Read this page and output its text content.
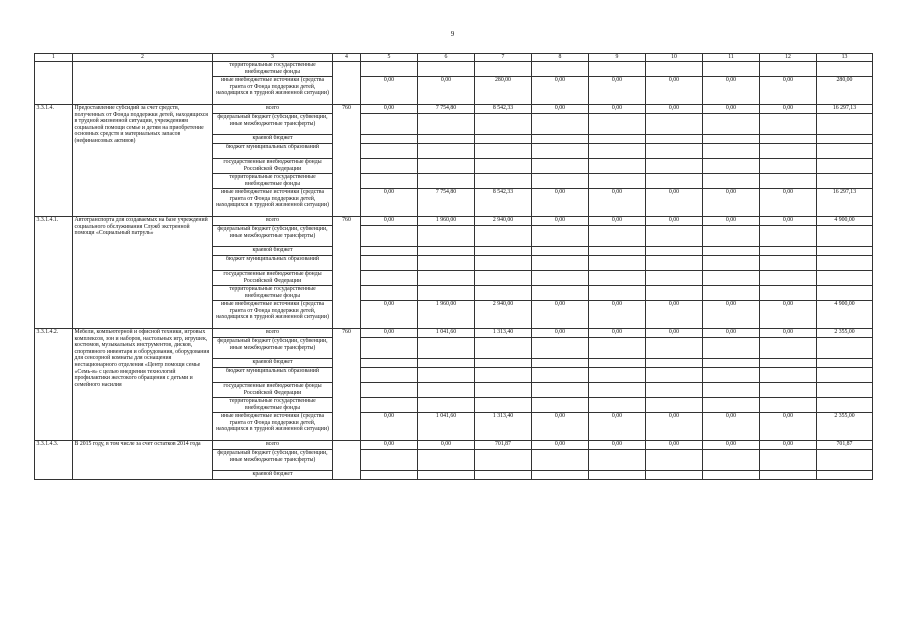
9
1	2	3	4	5	6	7	8	9	10	11	12	13
		территориальные государственные внебюджетные фонды										
		иные внебюджетные источники (средства гранта от Фонда поддержки детей, находящихся в трудной жизненной ситуации)		0,00	0,00	280,00	0,00	0,00	0,00	0,00	0,00	280,00
3.3.1.4.	Предоставление субсидий за счет средств, полученных от Фонда поддержки детей, находящихся в трудной жизненной ситуации, учреждениям социальной помощи семье и детям на приобретение основных средств и материальных запасов (нефинансовых активов)	всего	760	0,00	7 754,80	8 542,33	0,00	0,00	0,00	0,00	0,00	16 297,13
		федеральный бюджет (субсидии, субвенции, иные межбюджетные трансферты)										
		краевой бюджет										
		бюджет муниципальных образований										
		государственные внебюджетные фонды Российской Федерации										
		территориальные государственные внебюджетные фонды										
		иные внебюджетные источники (средства гранта от Фонда поддержки детей, находящихся в трудной жизненной ситуации)		0,00	7 754,80	8 542,33	0,00	0,00	0,00	0,00	0,00	16 297,13
3.3.1.4.1.	Автотранспорта для создаваемых на базе учреждений социального обслуживания Служб экстренной помощи «Социальный патруль»	всего	760	0,00	1 960,00	2 940,00	0,00	0,00	0,00	0,00	0,00	4 900,00
		федеральный бюджет (субсидии, субвенции, иные межбюджетные трансферты)										
		краевой бюджет										
		бюджет муниципальных образований										
		государственные внебюджетные фонды Российской Федерации										
		территориальные государственные внебюджетные фонды										
		иные внебюджетные источники (средства гранта от Фонда поддержки детей, находящихся в трудной жизненной ситуации)		0,00	1 960,00	2 940,00	0,00	0,00	0,00	0,00	0,00	4 900,00
3.3.1.4.2.	Мебели, компьютерной и офисной техники, игровых комплексов, зон и наборов, настольных игр, игрушек, костюмов, музыкальных инструментов, дисков, спортивного инвентаря и оборудования, оборудования для сенсорной комнаты для оснащения нестационарного отделения «Центр помощи семье «Семь-я» с целью внедрения технологий профилактики жестокого обращения с детьми и семейного насилия	всего	760	0,00	1 041,60	1 313,40	0,00	0,00	0,00	0,00	0,00	2 355,00
		федеральный бюджет (субсидии, субвенции, иные межбюджетные трансферты)										
		краевой бюджет										
		бюджет муниципальных образований										
		государственные внебюджетные фонды Российской Федерации										
		территориальные государственные внебюджетные фонды										
		иные внебюджетные источники (средства гранта от Фонда поддержки детей, находящихся в трудной жизненной ситуации)		0,00	1 041,60	1 313,40	0,00	0,00	0,00	0,00	0,00	2 355,00
3.3.1.4.3.	В 2015 году, в том числе за счет остатков 2014 года	всего		0,00	0,00	701,87	0,00	0,00	0,00	0,00	0,00	701,87
		федеральный бюджет (субсидии, субвенции, иные межбюджетные трансферты)										
		краевой бюджет										
